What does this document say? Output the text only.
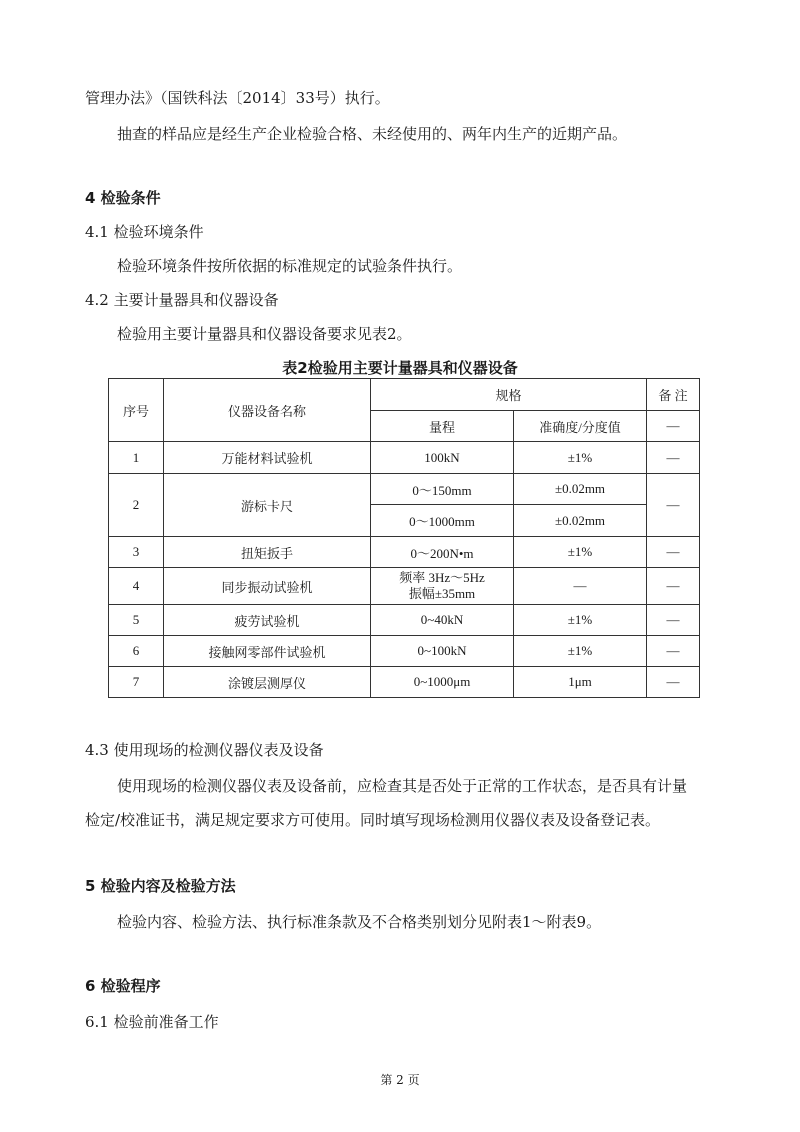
管理办法》（国铁科法〔2014〕33号）执行。
抽查的样品应是经生产企业检验合格、未经使用的、两年内生产的近期产品。
4 检验条件
4.1 检验环境条件
检验环境条件按所依据的标准规定的试验条件执行。
4.2 主要计量器具和仪器设备
检验用主要计量器具和仪器设备要求见表2。
表2检验用主要计量器具和仪器设备
序号	仪器设备名称	规格		备 注
		量程	准确度/分度值	—
1	万能材料试验机	100kN	±1%	—
2	游标卡尺	0～150mm	±0.02mm	—
		0～1000mm	±0.02mm	
3	扭矩扳手	0～200N•m	±1%	—
4	同步振动试验机	频率 3Hz～5Hz
振幅±35mm	—	—
5	疲劳试验机	0~40kN	±1%	—
6	接触网零部件试验机	0~100kN	±1%	—
7	涂镀层测厚仪	0~1000μm	1μm	—
4.3 使用现场的检测仪器仪表及设备
使用现场的检测仪器仪表及设备前，应检查其是否处于正常的工作状态，是否具有计量
检定/校准证书，满足规定要求方可使用。同时填写现场检测用仪器仪表及设备登记表。
5 检验内容及检验方法
检验内容、检验方法、执行标准条款及不合格类别划分见附表1～附表9。
6 检验程序
6.1 检验前准备工作
第 2 页
